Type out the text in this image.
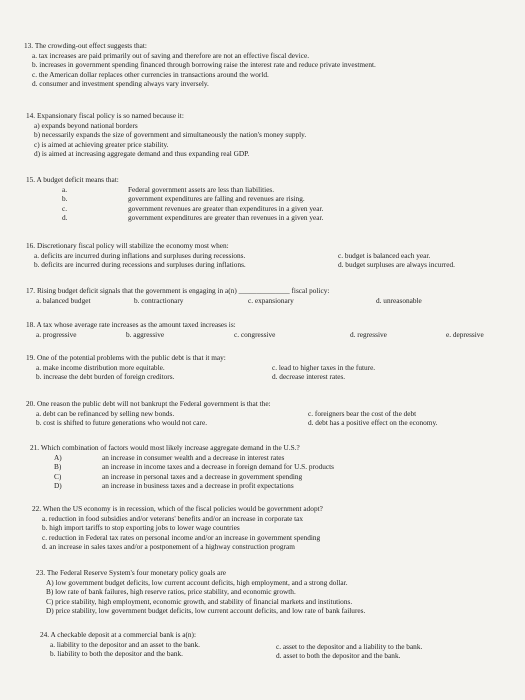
13. The crowding-out effect suggests that:
a. tax increases are paid primarily out of saving and therefore are not an effective fiscal device.
b. increases in government spending financed through borrowing raise the interest rate and reduce private investment.
c. the American dollar replaces other currencies in transactions around the world.
d. consumer and investment spending always vary inversely.
14. Expansionary fiscal policy is so named because it:
a) expands beyond national borders
b) necessarily expands the size of government and simultaneously the nation's money supply.
c) is aimed at achieving greater price stability.
d) is aimed at increasing aggregate demand and thus expanding real GDP.
15. A budget deficit means that:
a.	Federal government assets are less than liabilities.
b.	government expenditures are falling and revenues are rising.
c.	government revenues are greater than expenditures in a given year.
d.	government expenditures are greater than revenues in a given year.
16. Discretionary fiscal policy will stabilize the economy most when:
a. deficits are incurred during inflations and surpluses during recessions.	c. budget is balanced each year.
b. deficits are incurred during recessions and surpluses during inflations.	d. budget surpluses are always incurred.
17. Rising budget deficit signals that the government is engaging in a(n) ______________ fiscal policy:
a. balanced budget	b. contractionary	c. expansionary	d. unreasonable
18. A tax whose average rate increases as the amount taxed increases is:
a. progressive	b. aggressive	c. congressive	d. regressive	e. depressive
19. One of the potential problems with the public debt is that it may:
a. make income distribution more equitable.	c. lead to higher taxes in the future.
b. increase the debt burden of foreign creditors.	d. decrease interest rates.
20. One reason the public debt will not bankrupt the Federal government is that the:
a. debt can be refinanced by selling new bonds.	c. foreigners bear the cost of the debt
b. cost is shifted to future generations who would not care.	d. debt has a positive effect on the economy.
21. Which combination of factors would most likely increase aggregate demand in the U.S.?
A)	an increase in consumer wealth and a decrease in interest rates
B)	an increase in income taxes and a decrease in foreign demand for U.S. products
C)	an increase in personal taxes and a decrease in government spending
D)	an increase in business taxes and a decrease in profit expectations
22. When the US economy is in recession, which of the fiscal policies would be government adopt?
a. reduction in food subsidies and/or veterans' benefits and/or an increase in corporate tax
b. high import tariffs to stop exporting jobs to lower wage countries
c. reduction in Federal tax rates on personal income and/or an increase in government spending
d. an increase in sales taxes and/or a postponement of a highway construction program
23. The Federal Reserve System's four monetary policy goals are
A) low government budget deficits, low current account deficits, high employment, and a strong dollar.
B) low rate of bank failures, high reserve ratios, price stability, and economic growth.
C) price stability, high employment, economic growth, and stability of financial markets and institutions.
D) price stability, low government budget deficits, low current account deficits, and low rate of bank failures.
24. A checkable deposit at a commercial bank is a(n):
a. liability to the depositor and an asset to the bank.	c. asset to the depositor and a liability to the bank.
b. liability to both the depositor and the bank.	d. asset to both the depositor and the bank.
